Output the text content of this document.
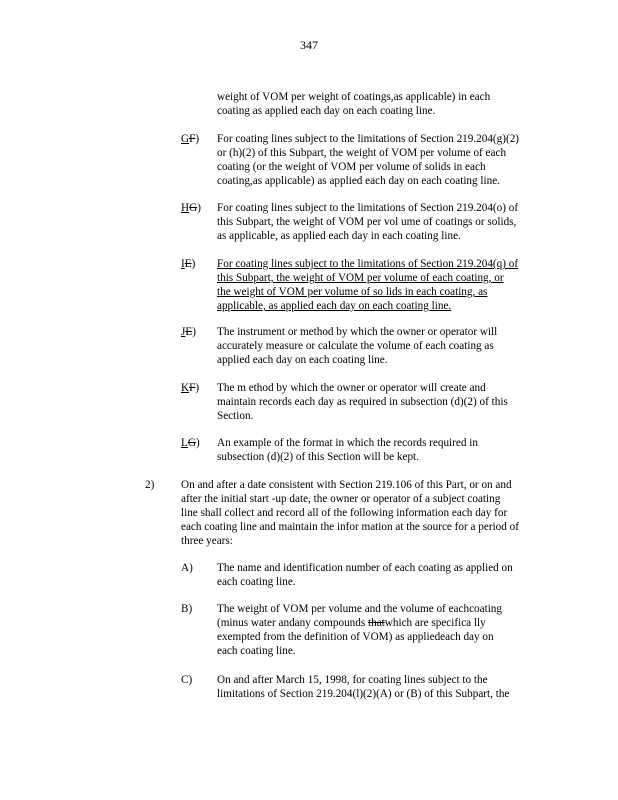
347
weight of VOM per weight of coatings,as applicable) in each
coating as applied each day on each coating line.
GF) For coating lines subject to the limitations of Section 219.204(g)(2)
or (h)(2) of this Subpart, the weight of VOM per volume of each
coating (or the weight of VOM per volume of solids in each
coating,as applicable) as applied each day on each coating line.
HG) For coating lines subject to the limitations of Section 219.204(o) of
this Subpart, the weight of VOM per vol ume of coatings or solids,
as applicable, as applied each day in each coating line.
IE) For coating lines subject to the limitations of Section 219.204(q) of
this Subpart, the weight of VOM per volume of each coating, or
the weight of VOM per volume of so lids in each coating, as
applicable, as applied each day on each coating line.
JE) The instrument or method by which the owner or operator will
accurately measure or calculate the volume of each coating as
applied each day on each coating line.
KF) The m ethod by which the owner or operator will create and
maintain records each day as required in subsection (d)(2) of this
Section.
LG) An example of the format in which the records required in
subsection (d)(2) of this Section will be kept.
2) On and after a date consistent with Section 219.106 of this Part, or on and
after the initial start -up date, the owner or operator of a subject coating
line shall collect and record all of the following information each day for
each coating line and maintain the infor mation at the source for a period of
three years:
A) The name and identification number of each coating as applied on
each coating line.
B) The weight of VOM per volume and the volume of eachcoating
(minus water andany compounds thatwhich are specifica lly
exempted from the definition of VOM) as appliedeach day on
each coating line.
C) On and after March 15, 1998, for coating lines subject to the
limitations of Section 219.204(l)(2)(A) or (B) of this Subpart, the
